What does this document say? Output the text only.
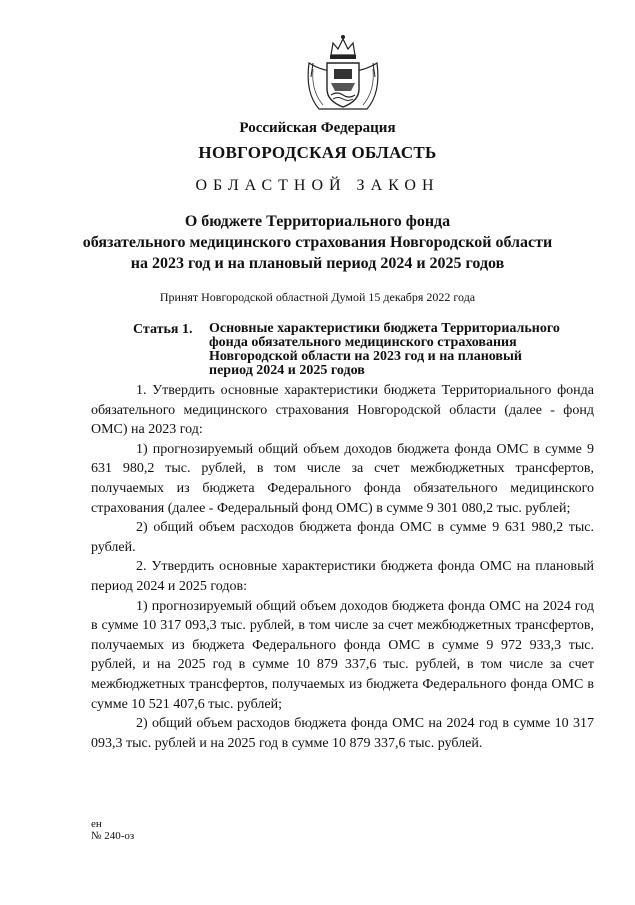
Российская Федерация
НОВГОРОДСКАЯ ОБЛАСТЬ
ОБЛАСТНОЙ ЗАКОН
О бюджете Территориального фонда
обязательного медицинского страхования Новгородской области
на 2023 год и на плановый период 2024 и 2025 годов
Принят Новгородской областной Думой 15 декабря 2022 года
Статья 1. Основные характеристики бюджета Территориального
фонда обязательного медицинского страхования
Новгородской области на 2023 год и на плановый
период 2024 и 2025 годов

1. Утвердить основные характеристики бюджета Территориального фонда обязательного медицинского страхования Новгородской области (далее - фонд ОМС) на 2023 год:

1) прогнозируемый общий объем доходов бюджета фонда ОМС в сумме 9 631 980,2 тыс. рублей, в том числе за счет межбюджетных трансфертов, получаемых из бюджета Федерального фонда обязательного медицинского страхования (далее - Федеральный фонд ОМС) в сумме 9 301 080,2 тыс. рублей;

2) общий объем расходов бюджета фонда ОМС в сумме 9 631 980,2 тыс. рублей.

2. Утвердить основные характеристики бюджета фонда ОМС на плановый период 2024 и 2025 годов:

1) прогнозируемый общий объем доходов бюджета фонда ОМС на 2024 год в сумме 10 317 093,3 тыс. рублей, в том числе за счет межбюджетных трансфертов, получаемых из бюджета Федерального фонда ОМС в сумме 9 972 933,3 тыс. рублей, и на 2025 год в сумме 10 879 337,6 тыс. рублей, в том числе за счет межбюджетных трансфертов, получаемых из бюджета Федерального фонда ОМС в сумме 10 521 407,6 тыс. рублей;

2) общий объем расходов бюджета фонда ОМС на 2024 год в сумме 10 317 093,3 тыс. рублей и на 2025 год в сумме 10 879 337,6 тыс. рублей.

ен
№ 240-оз
